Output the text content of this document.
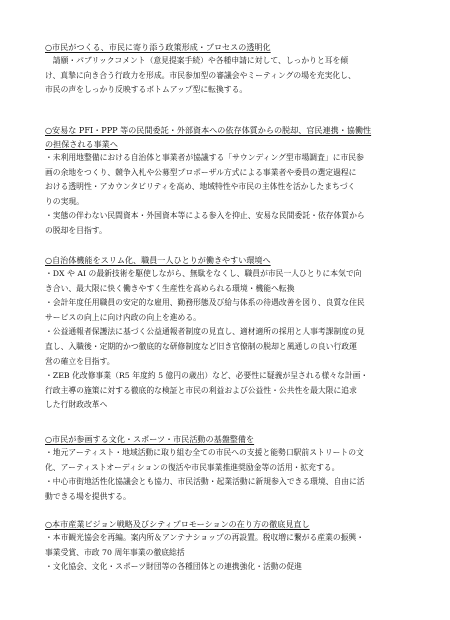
○市民がつくる、市民に寄り添う政策形成・プロセスの透明化
　請願・パブリックコメント（意見提案手続）や各種申請に対して、しっかりと耳を傾
け、真摯に向き合う行政力を形成。市民参加型の審議会やミーティングの場を充実化し、
市民の声をしっかり反映するボトムアップ型に転換する。
○安易な PFI・PPP 等の民間委託・外部資本への依存体質からの脱却、官民連携・協働性
の担保される事業へ
・未利用地整備における自治体と事業者が協議する「サウンディング型市場調査」に市民参
画の余地をつくり、競争入札や公募型プロポーザル方式による事業者や委員の選定過程に
おける透明性・アカウンタビリティを高め、地域特性や市民の主体性を活かしたまちづく
りの実現。
・実態の伴わない民間資本・外国資本等による参入を抑止、安易な民間委託・依存体質から
の脱却を目指す。
○自治体機能をスリム化、職員一人ひとりが働きやすい環境へ
・DX や AI の最新技術を駆使しながら、無駄をなくし、職員が市民一人ひとりに本気で向
き合い、最大限に快く働きやすく生産性を高められる環境・機能へ転換
・会計年度任用職員の安定的な雇用、勤務形態及び給与体系の待遇改善を図り、良質な住民
サービスの向上に向け内政の向上を進める。
・公益通報者保護法に基づく公益通報者制度の見直し、適材適所の採用と人事考課制度の見
直し、入職後・定期的かつ徹底的な研修制度など旧き官僚制の脱却と風通しの良い行政運
営の確立を目指す。
・ZEB 化改修事業（R5 年度約 5 億円の歳出）など、必要性に疑義が呈される様々な計画・
行政主導の施策に対する徹底的な検証と市民の利益および公益性・公共性を最大限に追求
した行財政改革へ
○市民が参画する文化・スポーツ・市民活動の基盤整備を
・地元アーティスト・地域活動に取り組む全ての市民への支援と能勢口駅前ストリートの文
化、アーティストオーディションの復活や市民事業推進奨励金等の活用・拡充する。
・中心市街地活性化協議会とも協力、市民活動・起業活動に新規参入できる環境、自由に活
動できる場を提供する。
○本市産業ビジョン戦略及びシティプロモーションの在り方の徹底見直し
・本市観光協会を再編。案内所＆アンテナショップの再設置。税収増に繋がる産業の振興・
事業受賞、市政 70 周年事業の徹底総括
・文化協会、文化・スポーツ財団等の各種団体との連携強化・活動の促進
